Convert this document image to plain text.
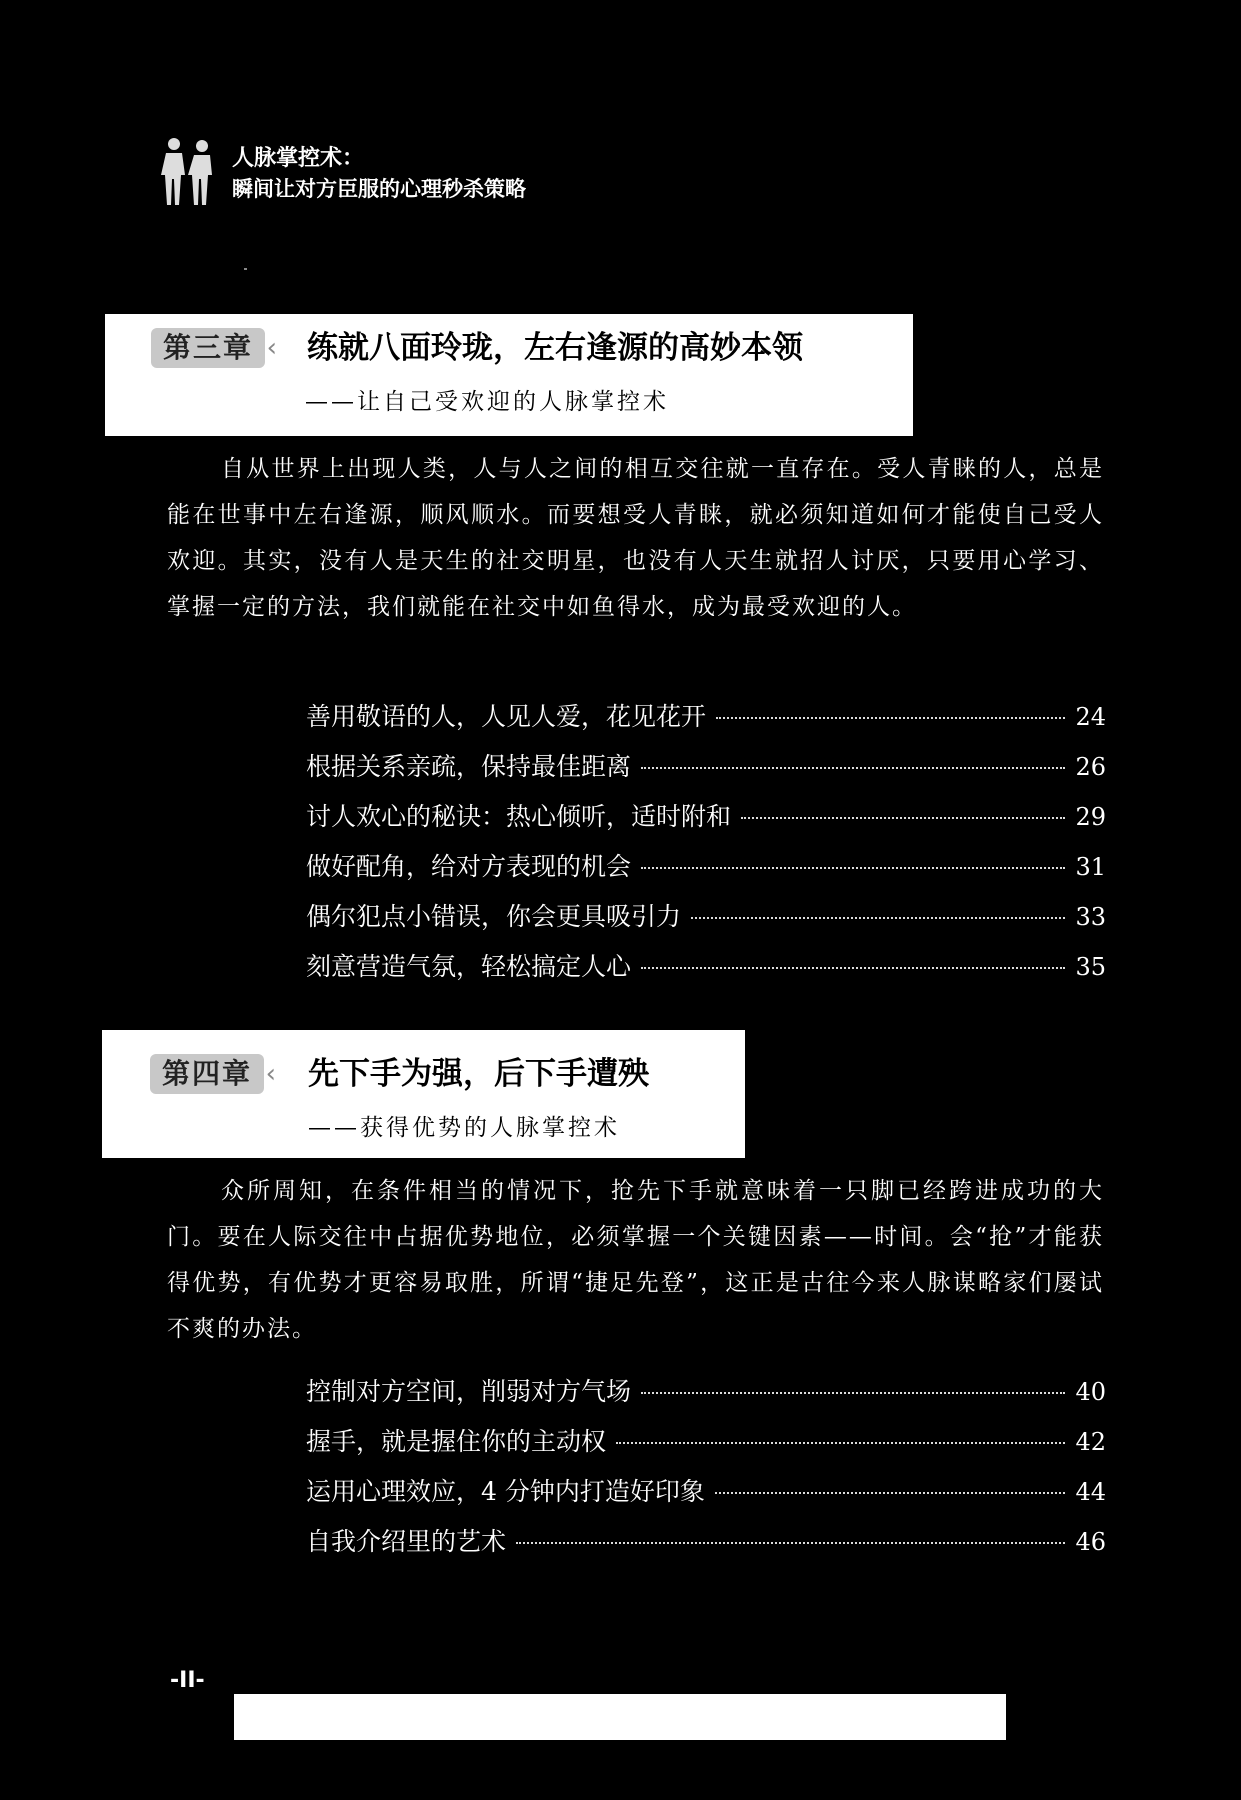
人脉掌控术：
瞬间让对方臣服的心理秒杀策略
第三章 ‹	练就八面玲珑，左右逢源的高妙本领
——让自己受欢迎的人脉掌控术
自从世界上出现人类，人与人之间的相互交往就一直存在。受人青睐的人，总是能在世事中左右逢源，顺风顺水。而要想受人青睐，就必须知道如何才能使自己受人欢迎。其实，没有人是天生的社交明星，也没有人天生就招人讨厌，只要用心学习、掌握一定的方法，我们就能在社交中如鱼得水，成为最受欢迎的人。
善用敬语的人，人见人爱，花见花开	24
根据关系亲疏，保持最佳距离	26
讨人欢心的秘诀：热心倾听，适时附和	29
做好配角，给对方表现的机会	31
偶尔犯点小错误，你会更具吸引力	33
刻意营造气氛，轻松搞定人心	35
第四章 ‹	先下手为强，后下手遭殃
——获得优势的人脉掌控术
众所周知，在条件相当的情况下，抢先下手就意味着一只脚已经跨进成功的大门。要在人际交往中占据优势地位，必须掌握一个关键因素——时间。会“抢”才能获得优势，有优势才更容易取胜，所谓“捷足先登”，这正是古往今来人脉谋略家们屡试不爽的办法。
控制对方空间，削弱对方气场	40
握手，就是握住你的主动权	42
运用心理效应，4 分钟内打造好印象	44
自我介绍里的艺术	46
-II-
